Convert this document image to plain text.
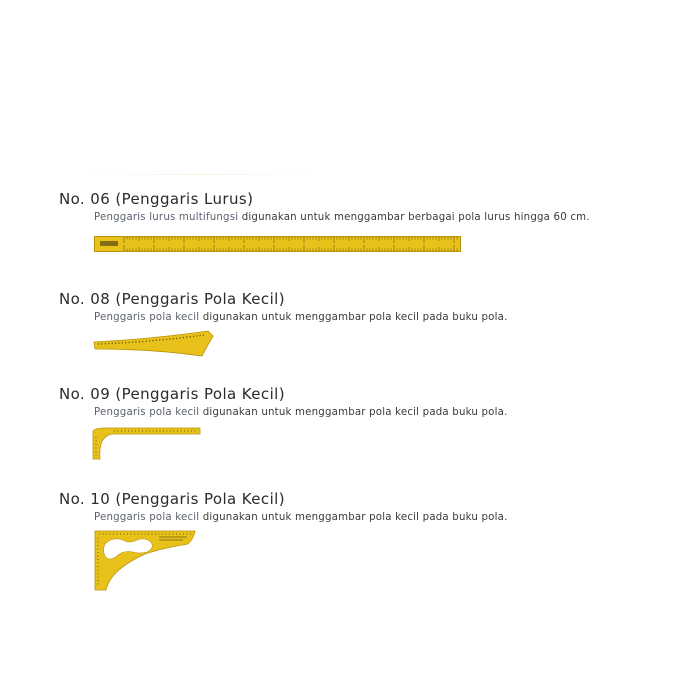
No. 06 (Penggaris Lurus)
Penggaris lurus multifungsi digunakan untuk menggambar berbagai pola lurus hingga 60 cm.
No. 08 (Penggaris Pola Kecil)
Penggaris pola kecil digunakan untuk menggambar pola kecil pada buku pola.
No. 09 (Penggaris Pola Kecil)
Penggaris pola kecil digunakan untuk menggambar pola kecil pada buku pola.
No. 10 (Penggaris Pola Kecil)
Penggaris pola kecil digunakan untuk menggambar pola kecil pada buku pola.
